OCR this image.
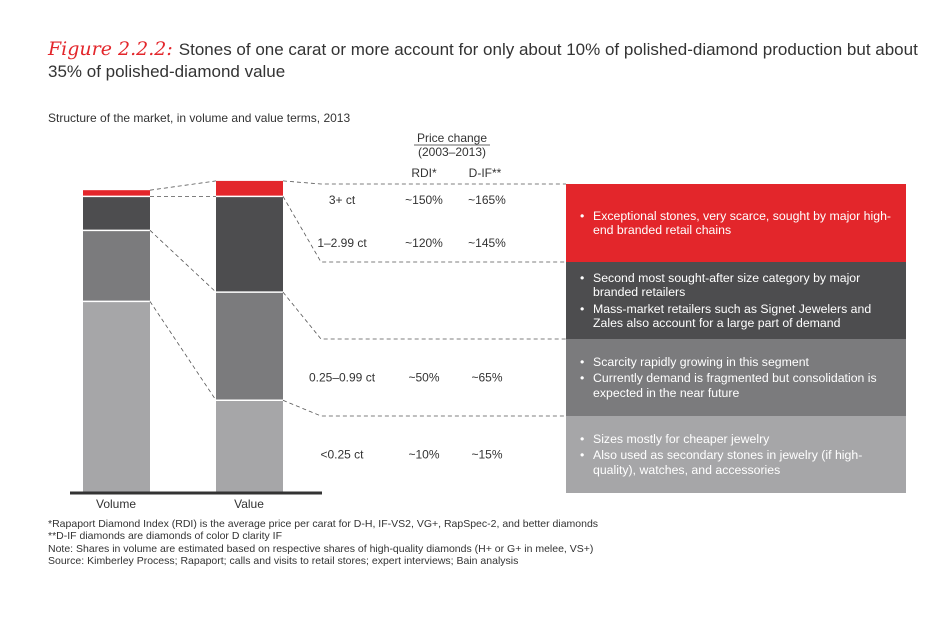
Figure 2.2.2: Stones of one carat or more account for only about 10% of polished-diamond production but about 35% of polished-diamond value
Structure of the market, in volume and value terms, 2013
Price change
(2003–2013)
RDI*	D-IF**
Volume	Value
<0.25 ct	~10%	~15%
0.25–0.99 ct	~50%	~65%
1–2.99 ct	~120% ~145%
3+ ct	~150% ~165%
• Exceptional stones, very scarce, sought by major high-end branded retail chains
• Second most sought-after size category by major branded retailers
• Mass-market retailers such as Signet Jewelers and Zales also account for a large part of demand
• Scarcity rapidly growing in this segment
• Currently demand is fragmented but consolidation is expected in the near future
• Sizes mostly for cheaper jewelry
• Also used as secondary stones in jewelry (if high-quality), watches, and accessories
*Rapaport Diamond Index (RDI) is the average price per carat for D-H, IF-VS2, VG+, RapSpec-2, and better diamonds
**D-IF diamonds are diamonds of color D clarity IF
Note: Shares in volume are estimated based on respective shares of high-quality diamonds (H+ or G+ in melee, VS+)
Source: Kimberley Process; Rapaport; calls and visits to retail stores; expert interviews; Bain analysis
